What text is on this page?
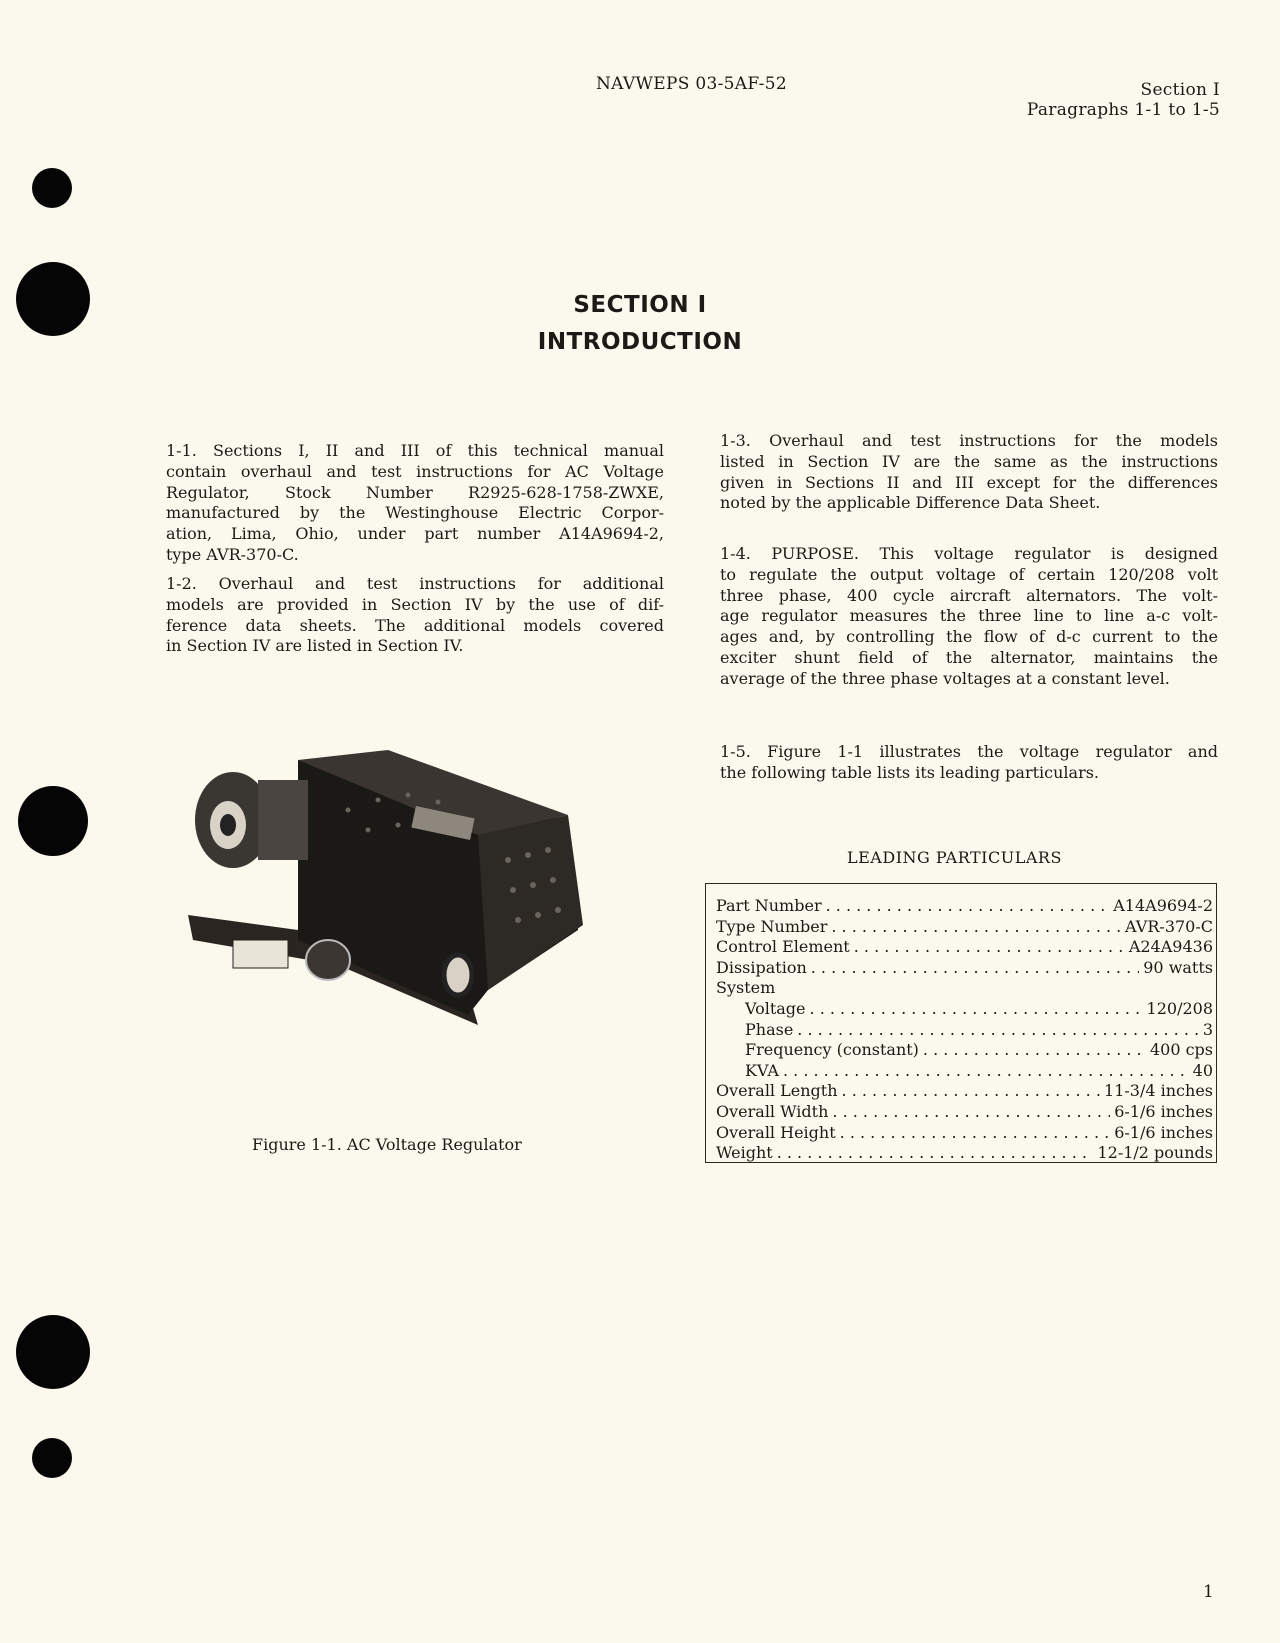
NAVWEPS 03-5AF-52	Section I
Paragraphs 1-1 to 1-5
SECTION I
INTRODUCTION
1-1. Sections I, II and III of this technical manual
contain overhaul and test instructions for AC Voltage
Regulator, Stock Number R2925-628-1758-ZWXE,
manufactured by the Westinghouse Electric Corpor-
ation, Lima, Ohio, under part number A14A9694-2,
type AVR-370-C.
1-2. Overhaul and test instructions for additional
models are provided in Section IV by the use of dif-
ference data sheets. The additional models covered
in Section IV are listed in Section IV.
1-3. Overhaul and test instructions for the models
listed in Section IV are the same as the instructions
given in Sections II and III except for the differences
noted by the applicable Difference Data Sheet.
1-4. PURPOSE. This voltage regulator is designed
to regulate the output voltage of certain 120/208 volt
three phase, 400 cycle aircraft alternators. The volt-
age regulator measures the three line to line a-c volt-
ages and, by controlling the flow of d-c current to the
exciter shunt field of the alternator, maintains the
average of the three phase voltages at a constant level.
1-5. Figure 1-1 illustrates the voltage regulator and
the following table lists its leading particulars.
Figure 1-1. AC Voltage Regulator
LEADING PARTICULARS
Part Number . . .	A14A9694-2
Type Number . . .	AVR-370-C
Control Element . . .	A24A9436
Dissipation . . .	90 watts
System
Voltage . . .	120/208
Phase . . .	3
Frequency (constant) . . .	400 cps
KVA . . .	40
Overall Length . . .	11-3/4 inches
Overall Width . . .	6-1/6 inches
Overall Height . . .	6-1/6 inches
Weight . . .	12-1/2 pounds
1
